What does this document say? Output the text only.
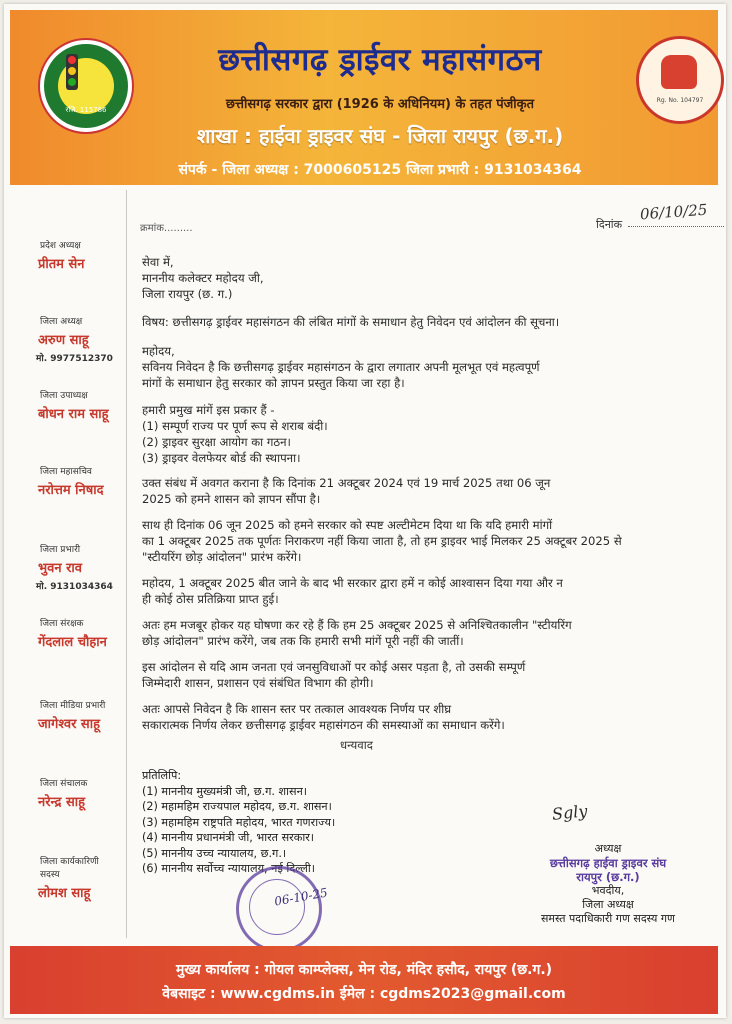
रजि. 115786
Rg. No. 104797
छत्तीसगढ़ ड्राईवर महासंगठन
छत्तीसगढ़ सरकार द्वारा (1926 के अधिनियम) के तहत पंजीकृत
शाखा : हाईवा ड्राइवर संघ - जिला रायपुर (छ.ग.)
संपर्क - जिला अध्यक्ष : 7000605125 जिला प्रभारी : 9131034364
प्रदेश अध्यक्ष
प्रीतम सेन
जिला अध्यक्ष
अरुण साहू
मो. 9977512370
जिला उपाध्यक्ष
बोधन राम साहू
जिला महासचिव
नरोत्तम निषाद
जिला प्रभारी
भुवन राव
मो. 9131034364
जिला संरक्षक
गेंदलाल चौहान
जिला मीडिया प्रभारी
जागेश्वर साहू
जिला संचालक
नरेन्द्र साहू
जिला कार्यकारिणी सदस्य
लोमश साहू
क्रमांक.........	दिनांक
06/10/25
सेवा में,
माननीय कलेक्टर महोदय जी,
जिला रायपुर (छ. ग.)
विषय: छत्तीसगढ़ ड्राईवर महासंगठन की लंबित मांगों के समाधान हेतु निवेदन एवं आंदोलन की सूचना।
महोदय,
सविनय निवेदन है कि छत्तीसगढ़ ड्राईवर महासंगठन के द्वारा लगातार अपनी मूलभूत एवं महत्वपूर्ण
मांगों के समाधान हेतु सरकार को ज्ञापन प्रस्तुत किया जा रहा है।
हमारी प्रमुख मांगें इस प्रकार हैं -
(1) सम्पूर्ण राज्य पर पूर्ण रूप से शराब बंदी।
(2) ड्राइवर सुरक्षा आयोग का गठन।
(3) ड्राइवर वेलफेयर बोर्ड की स्थापना।
उक्त संबंध में अवगत कराना है कि दिनांक 21 अक्टूबर 2024 एवं 19 मार्च 2025 तथा 06 जून
2025 को हमने शासन को ज्ञापन सौंपा है।
साथ ही दिनांक 06 जून 2025 को हमने सरकार को स्पष्ट अल्टीमेटम दिया था कि यदि हमारी मांगों
का 1 अक्टूबर 2025 तक पूर्णतः निराकरण नहीं किया जाता है, तो हम ड्राइवर भाई मिलकर 25 अक्टूबर 2025 से
"स्टीयरिंग छोड़ आंदोलन" प्रारंभ करेंगे।
महोदय, 1 अक्टूबर 2025 बीत जाने के बाद भी सरकार द्वारा हमें न कोई आश्वासन दिया गया और न
ही कोई ठोस प्रतिक्रिया प्राप्त हुई।
अतः हम मजबूर होकर यह घोषणा कर रहे हैं कि हम 25 अक्टूबर 2025 से अनिश्चितकालीन "स्टीयरिंग
छोड़ आंदोलन" प्रारंभ करेंगे, जब तक कि हमारी सभी मांगें पूरी नहीं की जातीं।
इस आंदोलन से यदि आम जनता एवं जनसुविधाओं पर कोई असर पड़ता है, तो उसकी सम्पूर्ण
जिम्मेदारी शासन, प्रशासन एवं संबंधित विभाग की होगी।
अतः आपसे निवेदन है कि शासन स्तर पर तत्काल आवश्यक निर्णय पर शीघ्र
सकारात्मक निर्णय लेकर छत्तीसगढ़ ड्राईवर महासंगठन की समस्याओं का समाधान करेंगे।
धन्यवाद
प्रतिलिपि:
(1) माननीय मुख्यमंत्री जी, छ.ग. शासन।
(2) महामहिम राज्यपाल महोदय, छ.ग. शासन।
(3) महामहिम राष्ट्रपति महोदय, भारत गणराज्य।
(4) माननीय प्रधानमंत्री जी, भारत सरकार।
(5) माननीय उच्च न्यायालय, छ.ग.।
(6) माननीय सर्वोच्च न्यायालय, नई दिल्ली।
06-10-25
Sgly
अध्यक्ष
छत्तीसगढ़ हाईवा ड्राइवर संघ
रायपुर (छ.ग.)
भवदीय,
जिला अध्यक्ष
समस्त पदाधिकारी गण सदस्य गण
मुख्य कार्यालय : गोयल काम्प्लेक्स, मेन रोड, मंदिर हसौद, रायपुर (छ.ग.)
वेबसाइट : www.cgdms.in ईमेल : cgdms2023@gmail.com
